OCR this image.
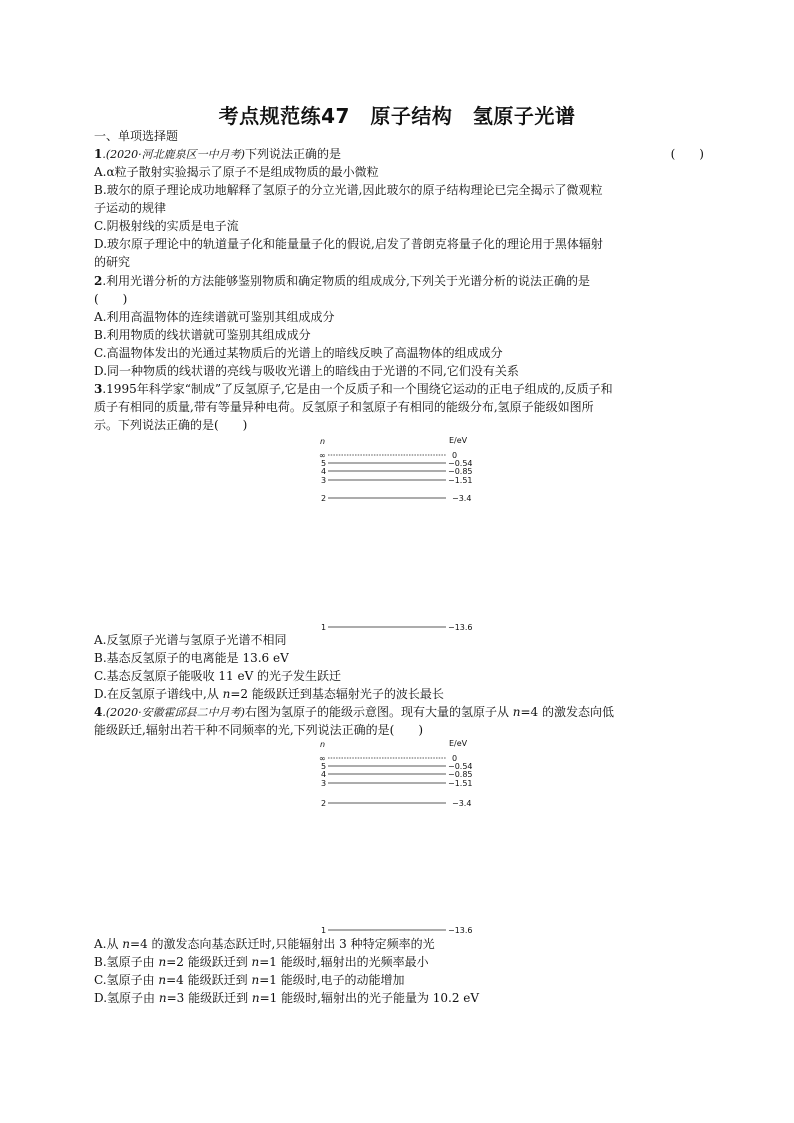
考点规范练47　原子结构　氢原子光谱
一、单项选择题
1.(2020·河北鹿泉区一中月考)下列说法正确的是	(　　)
A.α粒子散射实验揭示了原子不是组成物质的最小微粒
B.玻尔的原子理论成功地解释了氢原子的分立光谱,因此玻尔的原子结构理论已完全揭示了微观粒
子运动的规律
C.阴极射线的实质是电子流
D.玻尔原子理论中的轨道量子化和能量量子化的假说,启发了普朗克将量子化的理论用于黑体辐射
的研究
2.利用光谱分析的方法能够鉴别物质和确定物质的组成成分,下列关于光谱分析的说法正确的是
(　　)
A.利用高温物体的连续谱就可鉴别其组成成分
B.利用物质的线状谱就可鉴别其组成成分
C.高温物体发出的光通过某物质后的光谱上的暗线反映了高温物体的组成成分
D.同一种物质的线状谱的亮线与吸收光谱上的暗线由于光谱的不同,它们没有关系
3.1995年科学家“制成”了反氢原子,它是由一个反质子和一个围绕它运动的正电子组成的,反质子和
质子有相同的质量,带有等量异种电荷。反氢原子和氢原子有相同的能级分布,氢原子能级如图所
示。下列说法正确的是(　　)
n	E/eV
∞	0
5	−0.54
4	−0.85
3	−1.51
2	−3.4
1	−13.6
A.反氢原子光谱与氢原子光谱不相同
B.基态反氢原子的电离能是 13.6 eV
C.基态反氢原子能吸收 11 eV 的光子发生跃迁
D.在反氢原子谱线中,从 n=2 能级跃迁到基态辐射光子的波长最长
4.(2020·安徽霍邱县二中月考)右图为氢原子的能级示意图。现有大量的氢原子从 n=4 的激发态向低
能级跃迁,辐射出若干种不同频率的光,下列说法正确的是(　　)
n	E/eV
∞	0
5	−0.54
4	−0.85
3	−1.51
2	−3.4
1	−13.6
A.从 n=4 的激发态向基态跃迁时,只能辐射出 3 种特定频率的光
B.氢原子由 n=2 能级跃迁到 n=1 能级时,辐射出的光频率最小
C.氢原子由 n=4 能级跃迁到 n=1 能级时,电子的动能增加
D.氢原子由 n=3 能级跃迁到 n=1 能级时,辐射出的光子能量为 10.2 eV
